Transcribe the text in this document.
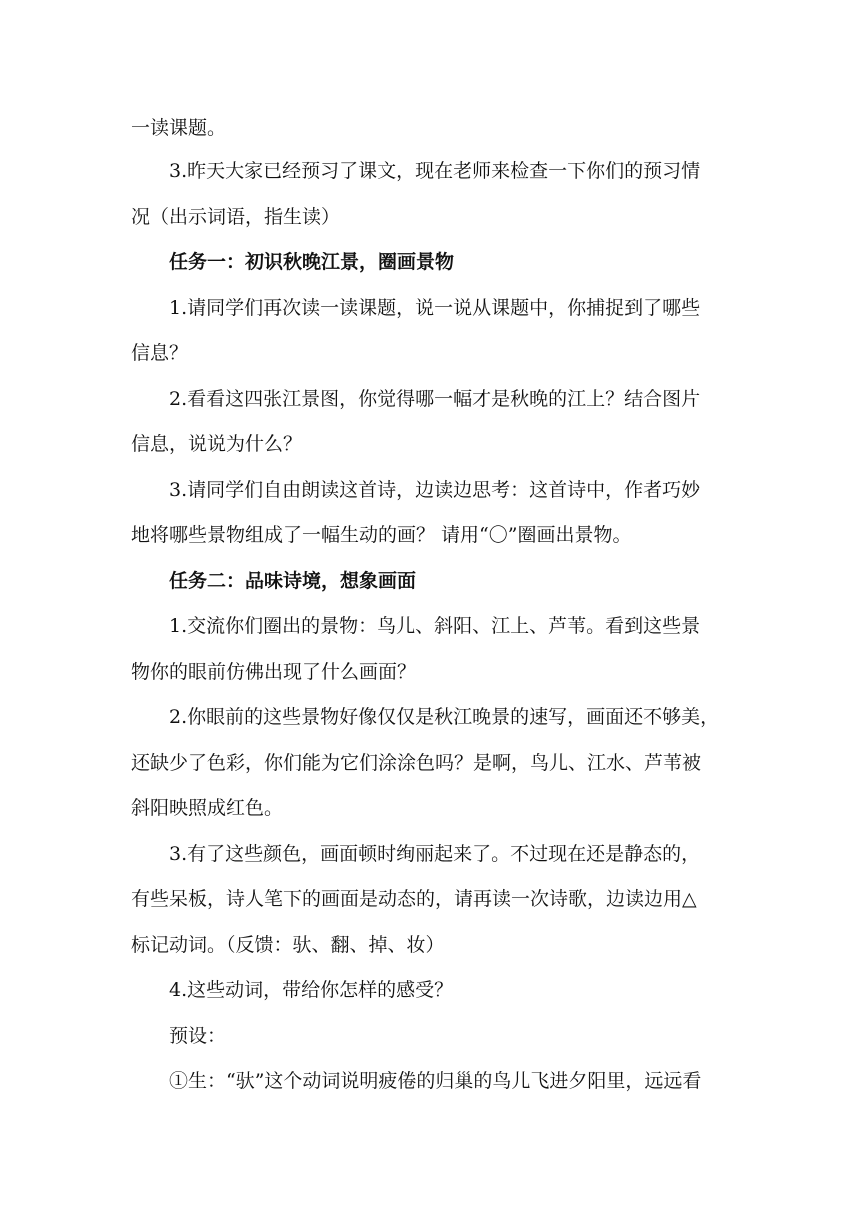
一读课题。
3.昨天大家已经预习了课文，现在老师来检查一下你们的预习情
况（出示词语，指生读）
任务一：初识秋晚江景，圈画景物
1.请同学们再次读一读课题，说一说从课题中，你捕捉到了哪些
信息？
2.看看这四张江景图，你觉得哪一幅才是秋晚的江上？结合图片
信息，说说为什么？
3.请同学们自由朗读这首诗，边读边思考：这首诗中，作者巧妙
地将哪些景物组成了一幅生动的画？ 请用“〇”圈画出景物。
任务二：品味诗境，想象画面
1.交流你们圈出的景物：鸟儿、斜阳、江上、芦苇。看到这些景
物你的眼前仿佛出现了什么画面？
2.你眼前的这些景物好像仅仅是秋江晚景的速写，画面还不够美，
还缺少了色彩，你们能为它们涂涂色吗？是啊，鸟儿、江水、芦苇被
斜阳映照成红色。
3.有了这些颜色，画面顿时绚丽起来了。不过现在还是静态的，
有些呆板，诗人笔下的画面是动态的，请再读一次诗歌，边读边用△
标记动词。（反馈：驮、翻、掉、妆）
4.这些动词，带给你怎样的感受？
预设：
①生：“驮”这个动词说明疲倦的归巢的鸟儿飞进夕阳里，远远看
